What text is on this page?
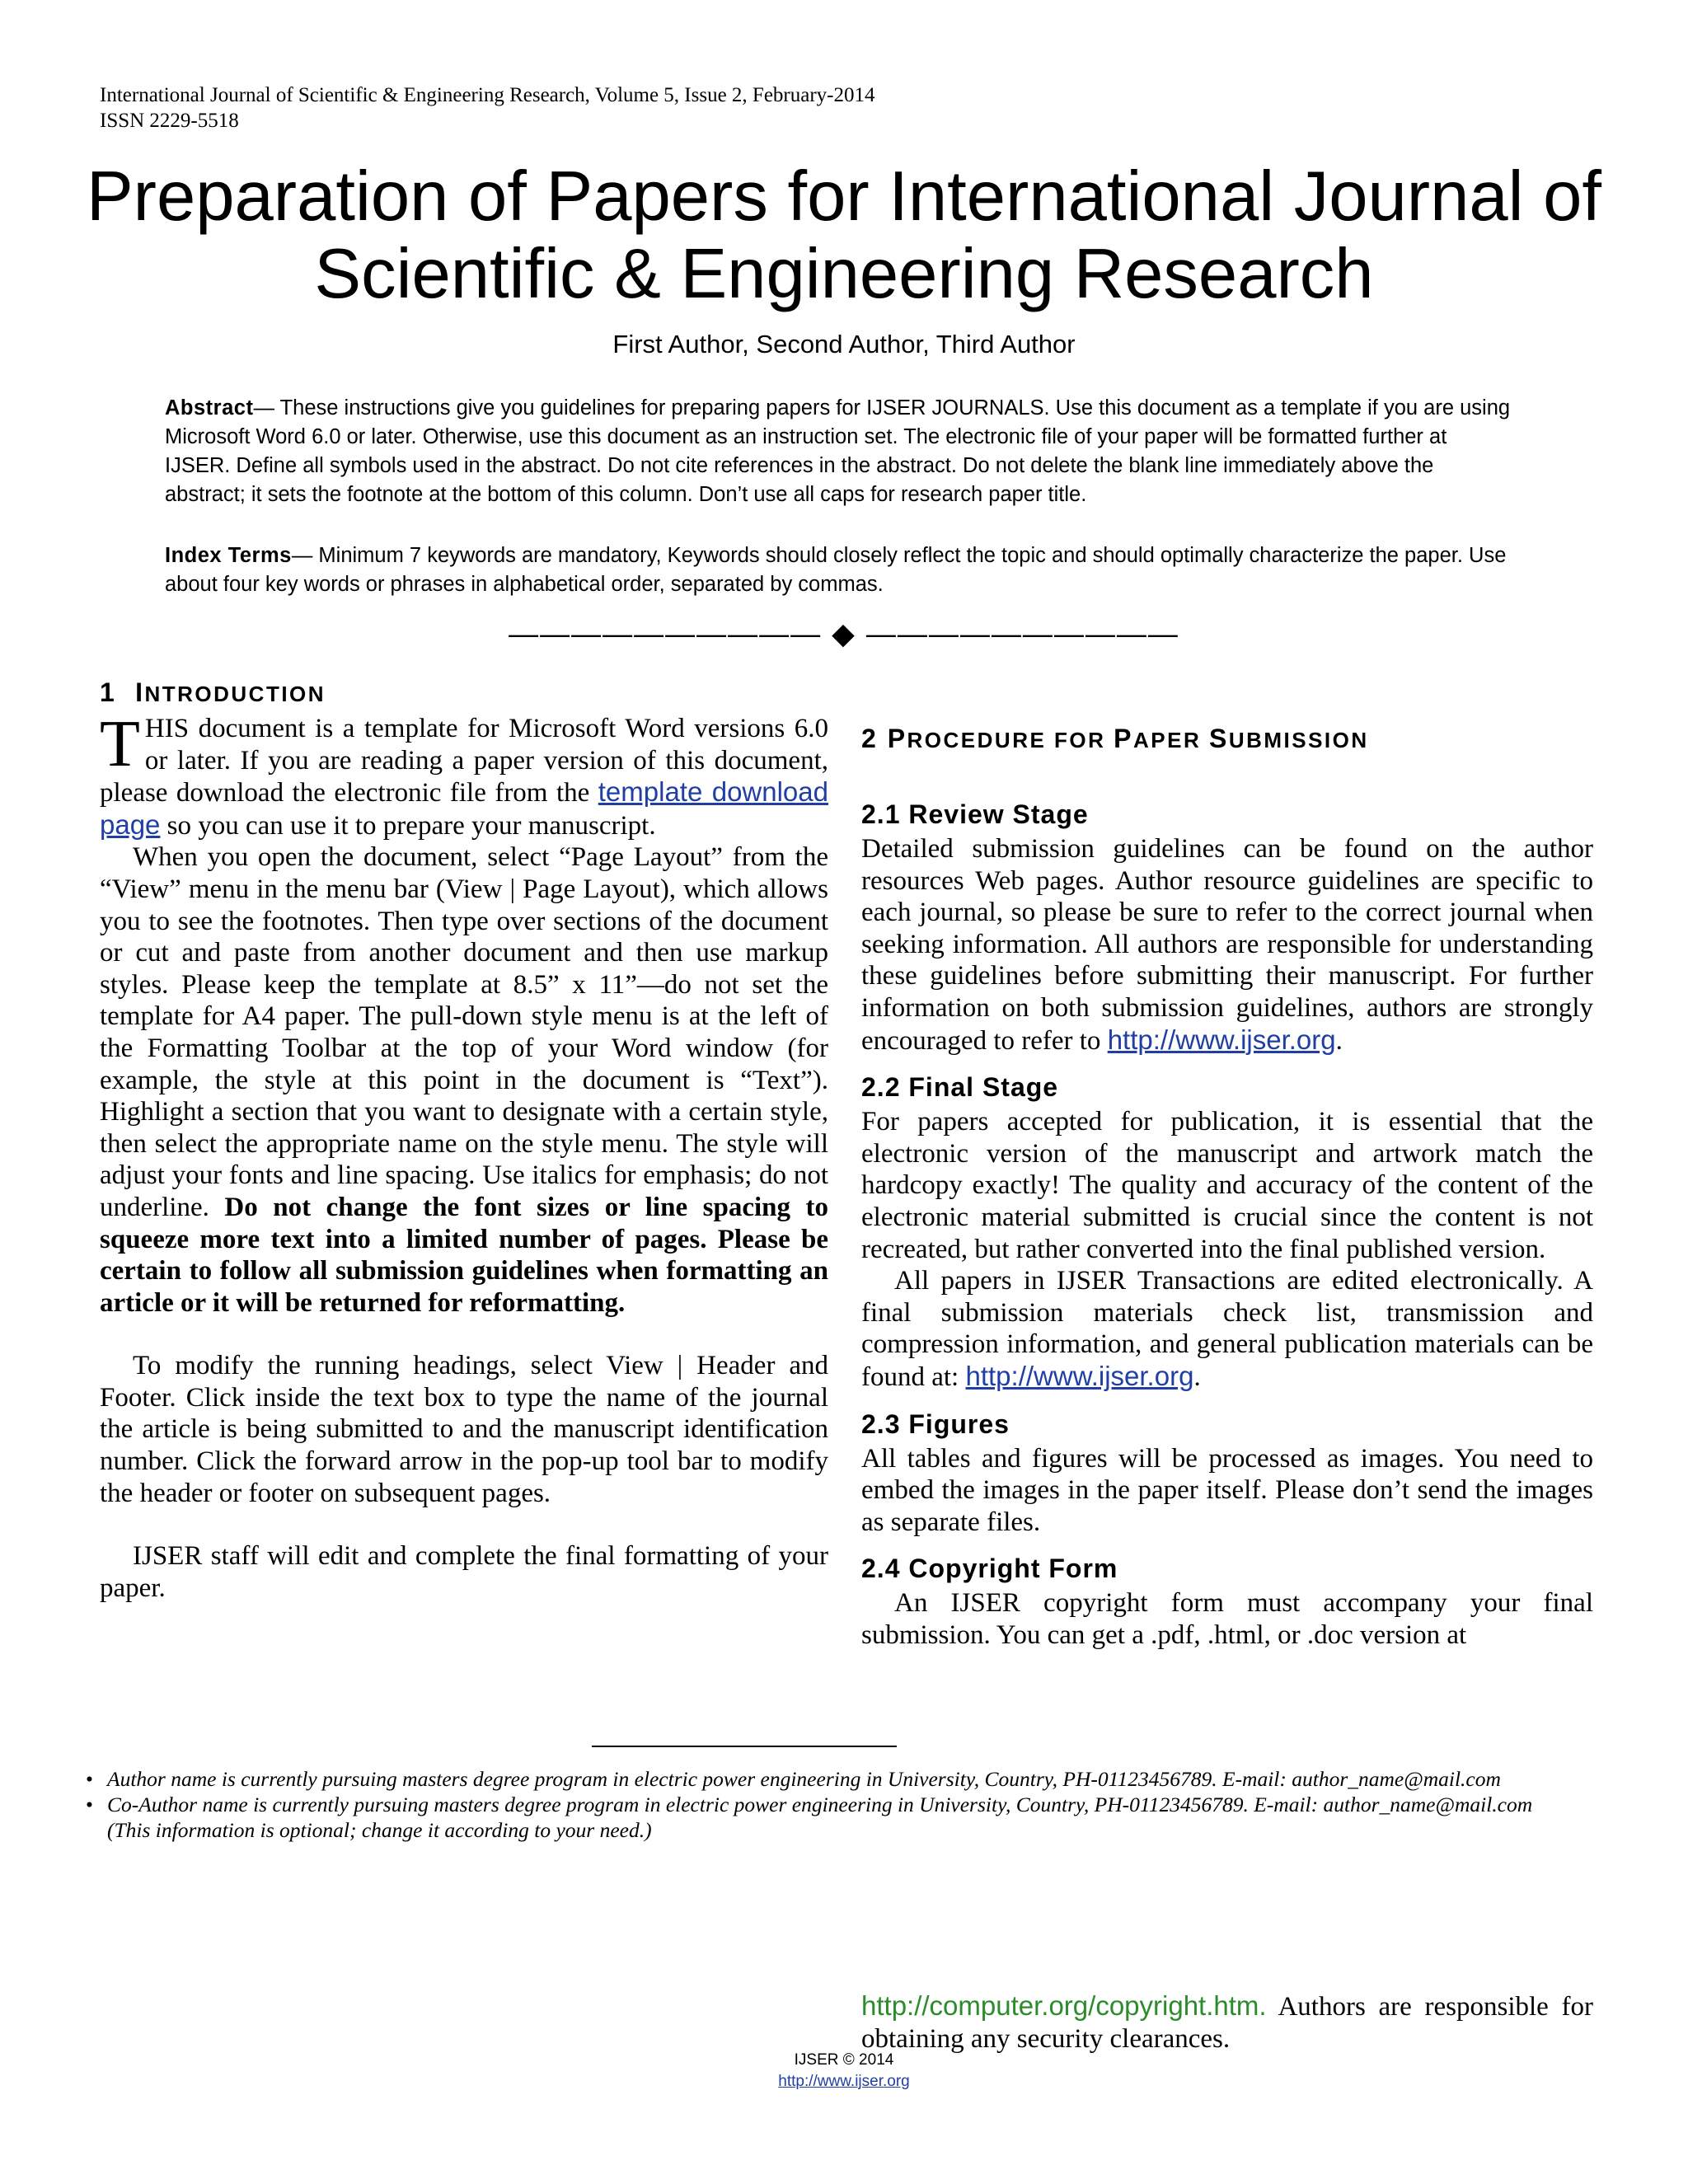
International Journal of Scientific & Engineering Research, Volume 5, Issue 2, February-2014
ISSN 2229-5518
Preparation of Papers for International Journal of
Scientific & Engineering Research
First Author, Second Author, Third Author
Abstract— These instructions give you guidelines for preparing papers for IJSER JOURNALS. Use this document as a template if you are using Microsoft Word 6.0 or later. Otherwise, use this document as an instruction set. The electronic file of your paper will be formatted further at IJSER. Define all symbols used in the abstract. Do not cite references in the abstract. Do not delete the blank line immediately above the abstract; it sets the footnote at the bottom of this column. Don’t use all caps for research paper title.
Index Terms— Minimum 7 keywords are mandatory, Keywords should closely reflect the topic and should optimally characterize the paper. Use about four key words or phrases in alphabetical order, separated by commas.
—————————— ◆ ——————————
1 INTRODUCTION

THIS document is a template for Microsoft Word versions 6.0 or later. If you are reading a paper version of this document, please download the electronic file from the template download page so you can use it to prepare your manuscript.

When you open the document, select “Page Layout” from the “View” menu in the menu bar (View | Page Layout), which allows you to see the footnotes. Then type over sections of the document or cut and paste from another document and then use markup styles. Please keep the template at 8.5” x 11”—do not set the template for A4 paper. The pull-down style menu is at the left of the Formatting Toolbar at the top of your Word window (for example, the style at this point in the document is “Text”). Highlight a section that you want to designate with a certain style, then select the appropriate name on the style menu. The style will adjust your fonts and line spacing. Use italics for emphasis; do not underline. Do not change the font sizes or line spacing to squeeze more text into a limited number of pages. Please be certain to follow all submission guidelines when formatting an article or it will be returned for reformatting.

To modify the running headings, select View | Header and Footer. Click inside the text box to type the name of the journal the article is being submitted to and the manuscript identification number. Click the forward arrow in the pop-up tool bar to modify the header or footer on subsequent pages.

IJSER staff will edit and complete the final formatting of your paper.

2 PROCEDURE FOR PAPER SUBMISSION
2.1 Review Stage

Detailed submission guidelines can be found on the author resources Web pages. Author resource guidelines are specific to each journal, so please be sure to refer to the correct journal when seeking information. All authors are responsible for understanding these guidelines before submitting their manuscript. For further information on both submission guidelines, authors are strongly encouraged to refer to http://www.ijser.org.

2.2 Final Stage

For papers accepted for publication, it is essential that the electronic version of the manuscript and artwork match the hardcopy exactly! The quality and accuracy of the content of the electronic material submitted is crucial since the content is not recreated, but rather converted into the final published version.

All papers in IJSER Transactions are edited electronically. A final submission materials check list, transmission and compression information, and general publication materials can be found at: http://www.ijser.org.

2.3 Figures

All tables and figures will be processed as images. You need to embed the images in the paper itself. Please don’t send the images as separate files.

2.4 Copyright Form

An IJSER copyright form must accompany your final submission. You can get a .pdf, .html, or .doc version at

• Author name is currently pursuing masters degree program in electric power engineering in University, Country, PH-01123456789. E-mail: author_name@mail.com
• Co-Author name is currently pursuing masters degree program in electric power engineering in University, Country, PH-01123456789. E-mail: author_name@mail.com
(This information is optional; change it according to your need.)
http://computer.org/copyright.htm. Authors are responsible for obtaining any security clearances.
IJSER © 2014
http://www.ijser.org
